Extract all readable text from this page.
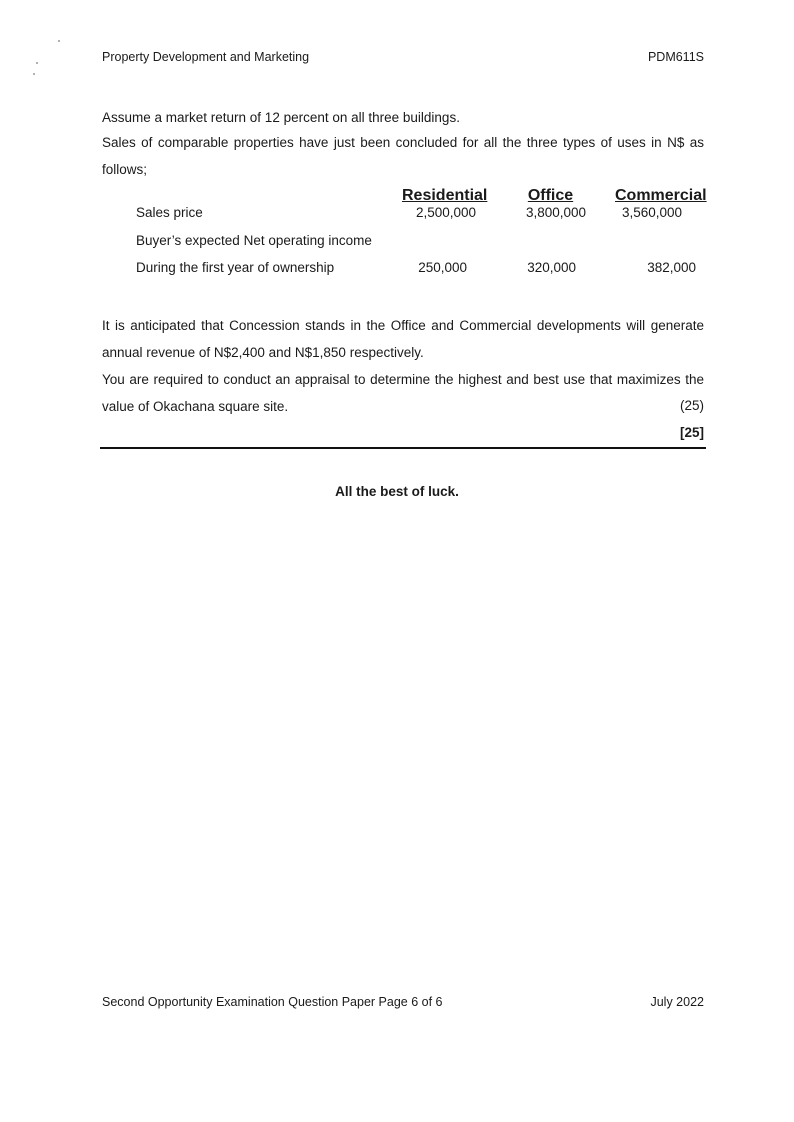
Property Development and Marketing	PDM611S
Assume a market return of 12 percent on all three buildings.
Sales of comparable properties have just been concluded for all the three types of uses in N$ as follows;
Residential	Office	Commercial
Sales price	2,500,000	3,800,000	3,560,000
Buyer’s expected Net operating income
During the first year of ownership	250,000	320,000	382,000
It is anticipated that Concession stands in the Office and Commercial developments will generate annual revenue of N$2,400 and N$1,850 respectively.
You are required to conduct an appraisal to determine the highest and best use that maximizes the value of Okachana square site.	(25)
[25]
All the best of luck.
Second Opportunity Examination Question Paper Page 6 of 6	July 2022
